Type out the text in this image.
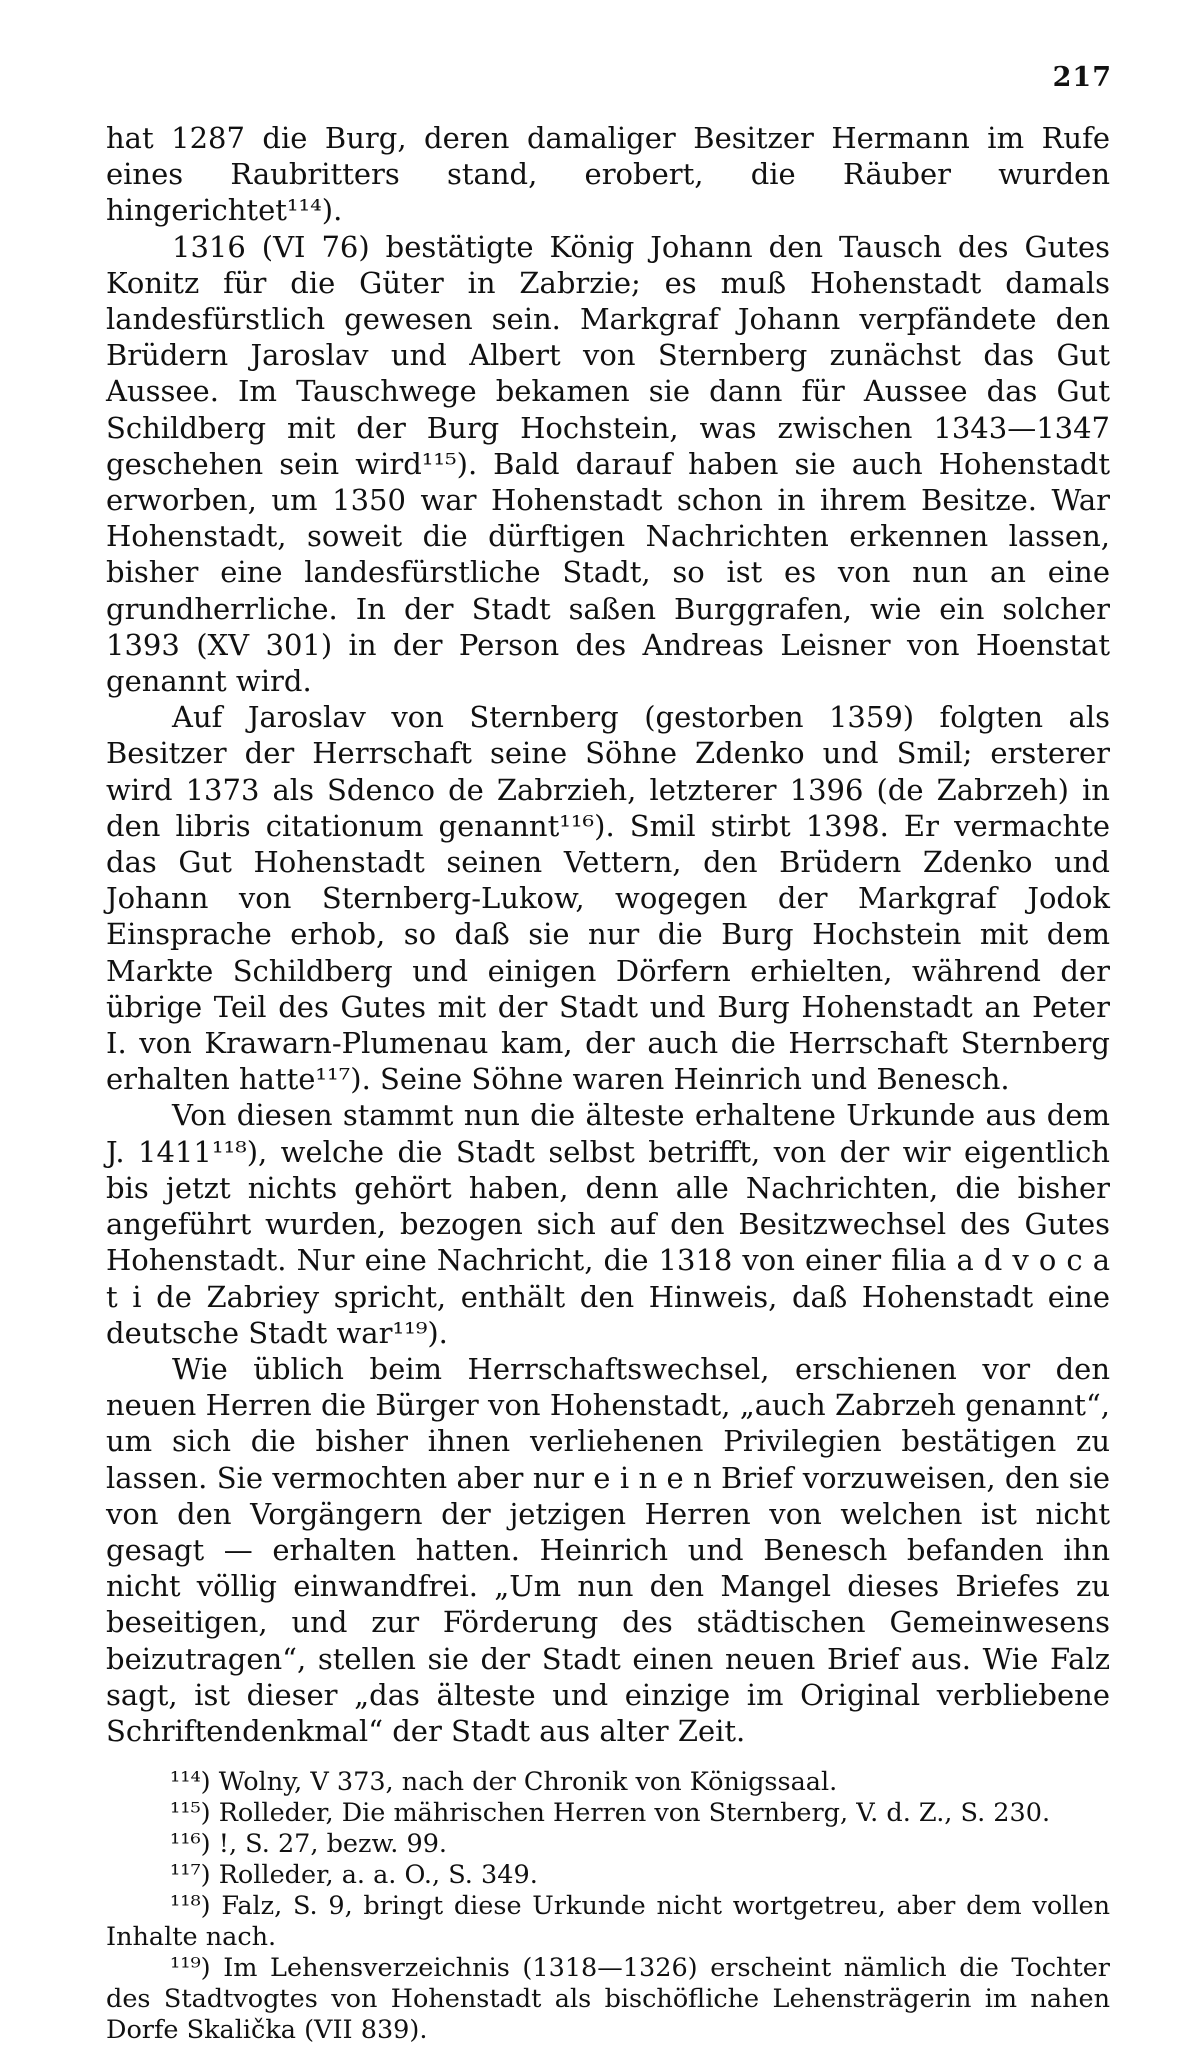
217

hat 1287 die Burg, deren damaliger Besitzer Hermann im Rufe eines Raubritters stand, erobert, die Räuber wurden hingerichtet¹¹⁴).

1316 (VI 76) bestätigte König Johann den Tausch des Gutes Konitz für die Güter in Zabrzie; es muß Hohenstadt damals landesfürstlich gewesen sein. Markgraf Johann verpfändete den Brüdern Jaroslav und Albert von Sternberg zunächst das Gut Aussee. Im Tauschwege bekamen sie dann für Aussee das Gut Schildberg mit der Burg Hochstein, was zwischen 1343—1347 geschehen sein wird¹¹⁵). Bald darauf haben sie auch Hohenstadt erworben, um 1350 war Hohenstadt schon in ihrem Besitze. War Hohenstadt, soweit die dürftigen Nachrichten erkennen lassen, bisher eine landesfürstliche Stadt, so ist es von nun an eine grundherrliche. In der Stadt saßen Burggrafen, wie ein solcher 1393 (XV 301) in der Person des Andreas Leisner von Hoenstat genannt wird.

Auf Jaroslav von Sternberg (gestorben 1359) folgten als Besitzer der Herrschaft seine Söhne Zdenko und Smil; ersterer wird 1373 als Sdenco de Zabrzieh, letzterer 1396 (de Zabrzeh) in den libris citationum genannt¹¹⁶). Smil stirbt 1398. Er vermachte das Gut Hohenstadt seinen Vettern, den Brüdern Zdenko und Johann von Sternberg-Lukow, wogegen der Markgraf Jodok Einsprache erhob, so daß sie nur die Burg Hochstein mit dem Markte Schildberg und einigen Dörfern erhielten, während der übrige Teil des Gutes mit der Stadt und Burg Hohenstadt an Peter I. von Krawarn-Plumenau kam, der auch die Herrschaft Sternberg erhalten hatte¹¹⁷). Seine Söhne waren Heinrich und Benesch.

Von diesen stammt nun die älteste erhaltene Urkunde aus dem J. 1411¹¹⁸), welche die Stadt selbst betrifft, von der wir eigentlich bis jetzt nichts gehört haben, denn alle Nachrichten, die bisher angeführt wurden, bezogen sich auf den Besitzwechsel des Gutes Hohenstadt. Nur eine Nachricht, die 1318 von einer filia a d v o c a t i de Zabriey spricht, enthält den Hinweis, daß Hohenstadt eine deutsche Stadt war¹¹⁹).

Wie üblich beim Herrschaftswechsel, erschienen vor den neuen Herren die Bürger von Hohenstadt, „auch Zabrzeh genannt“, um sich die bisher ihnen verliehenen Privilegien bestätigen zu lassen. Sie vermochten aber nur e i n e n Brief vorzuweisen, den sie von den Vorgängern der jetzigen Herren von welchen ist nicht gesagt — erhalten hatten. Heinrich und Benesch befanden ihn nicht völlig einwandfrei. „Um nun den Mangel dieses Briefes zu beseitigen, und zur Förderung des städtischen Gemeinwesens beizutragen“, stellen sie der Stadt einen neuen Brief aus. Wie Falz sagt, ist dieser „das älteste und einzige im Original verbliebene Schriftendenkmal“ der Stadt aus alter Zeit.

¹¹⁴) Wolny, V 373, nach der Chronik von Königssaal.

¹¹⁵) Rolleder, Die mährischen Herren von Sternberg, V. d. Z., S. 230.

¹¹⁶) !, S. 27, bezw. 99.

¹¹⁷) Rolleder, a. a. O., S. 349.

¹¹⁸) Falz, S. 9, bringt diese Urkunde nicht wortgetreu, aber dem vollen Inhalte nach.

¹¹⁹) Im Lehensverzeichnis (1318—1326) erscheint nämlich die Tochter des Stadtvogtes von Hohenstadt als bischöfliche Lehensträgerin im nahen Dorfe Skalička (VII 839).
